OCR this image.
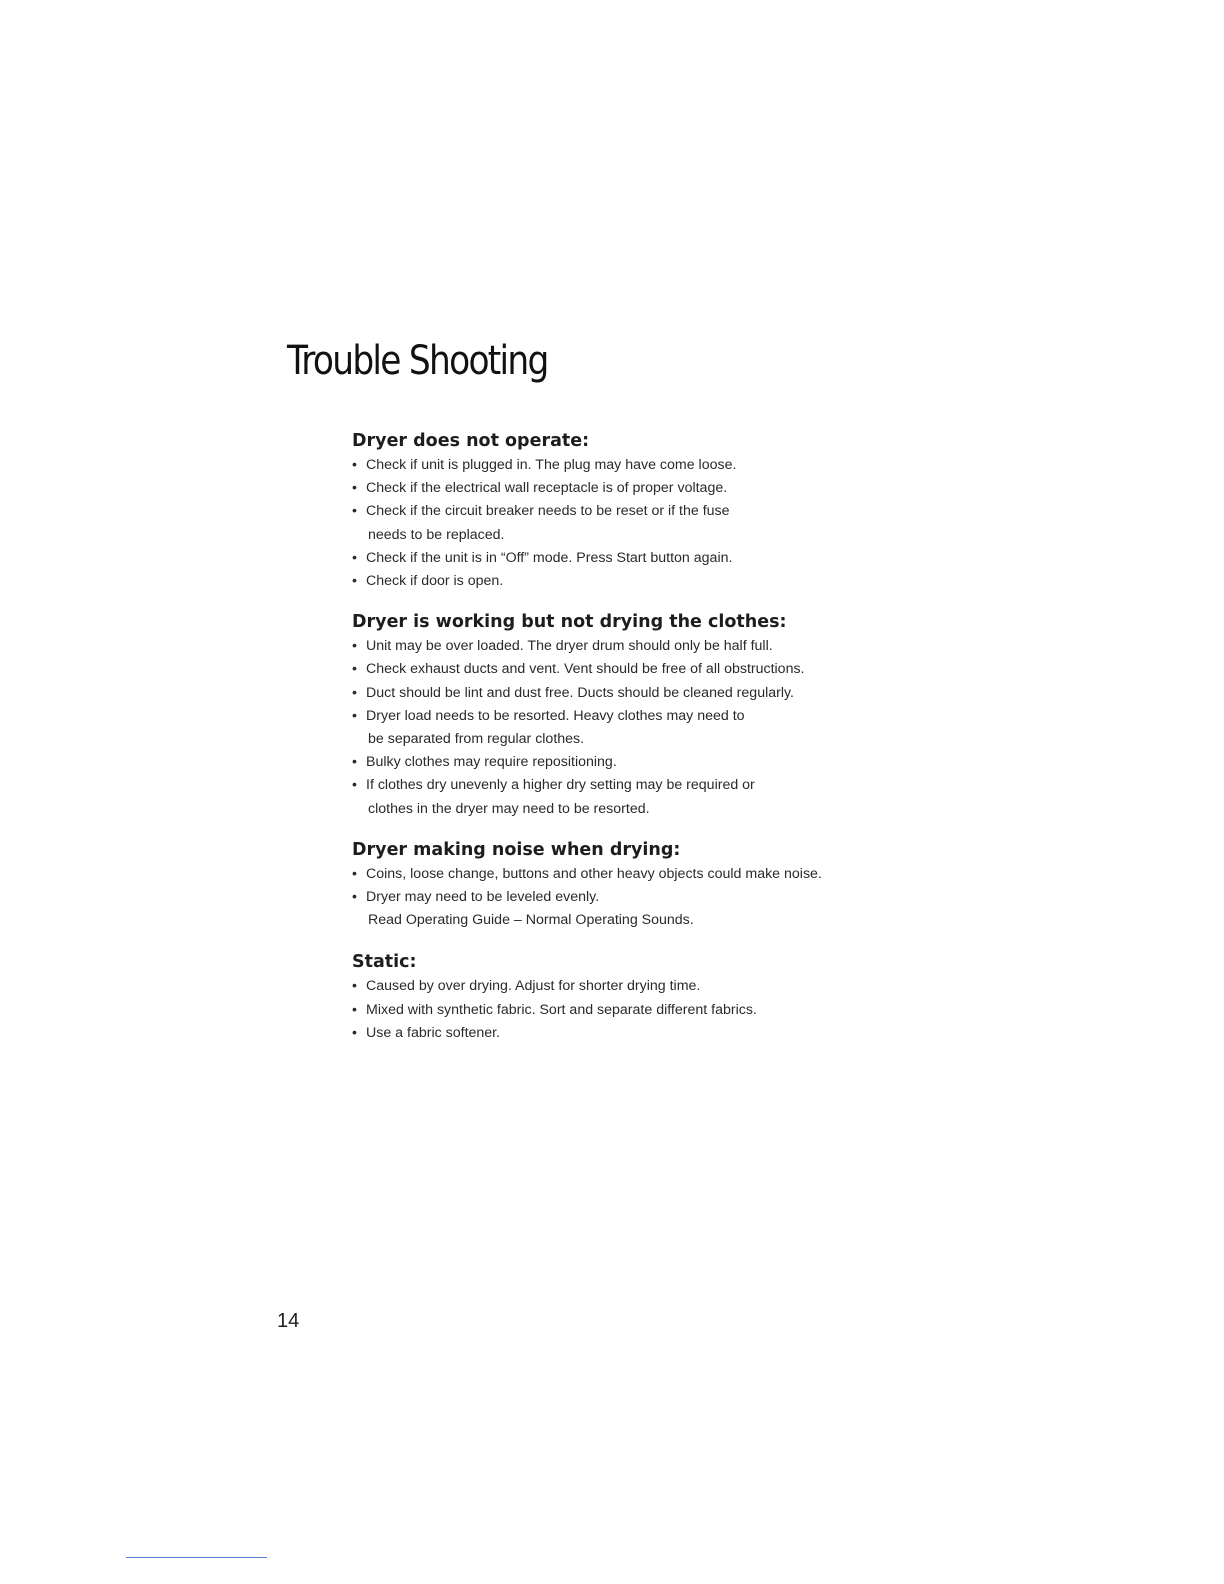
Trouble Shooting
Dryer does not operate:
• Check if unit is plugged in. The plug may have come loose.
• Check if the electrical wall receptacle is of proper voltage.
• Check if the circuit breaker needs to be reset or if the fuse
needs to be replaced.
• Check if the unit is in “Off” mode. Press Start button again.
• Check if door is open.
Dryer is working but not drying the clothes:
• Unit may be over loaded. The dryer drum should only be half full.
• Check exhaust ducts and vent. Vent should be free of all obstructions.
• Duct should be lint and dust free. Ducts should be cleaned regularly.
• Dryer load needs to be resorted. Heavy clothes may need to
be separated from regular clothes.
• Bulky clothes may require repositioning.
• If clothes dry unevenly a higher dry setting may be required or
clothes in the dryer may need to be resorted.
Dryer making noise when drying:
• Coins, loose change, buttons and other heavy objects could make noise.
• Dryer may need to be leveled evenly.
Read Operating Guide – Normal Operating Sounds.
Static:
• Caused by over drying. Adjust for shorter drying time.
• Mixed with synthetic fabric. Sort and separate different fabrics.
• Use a fabric softener.
14
